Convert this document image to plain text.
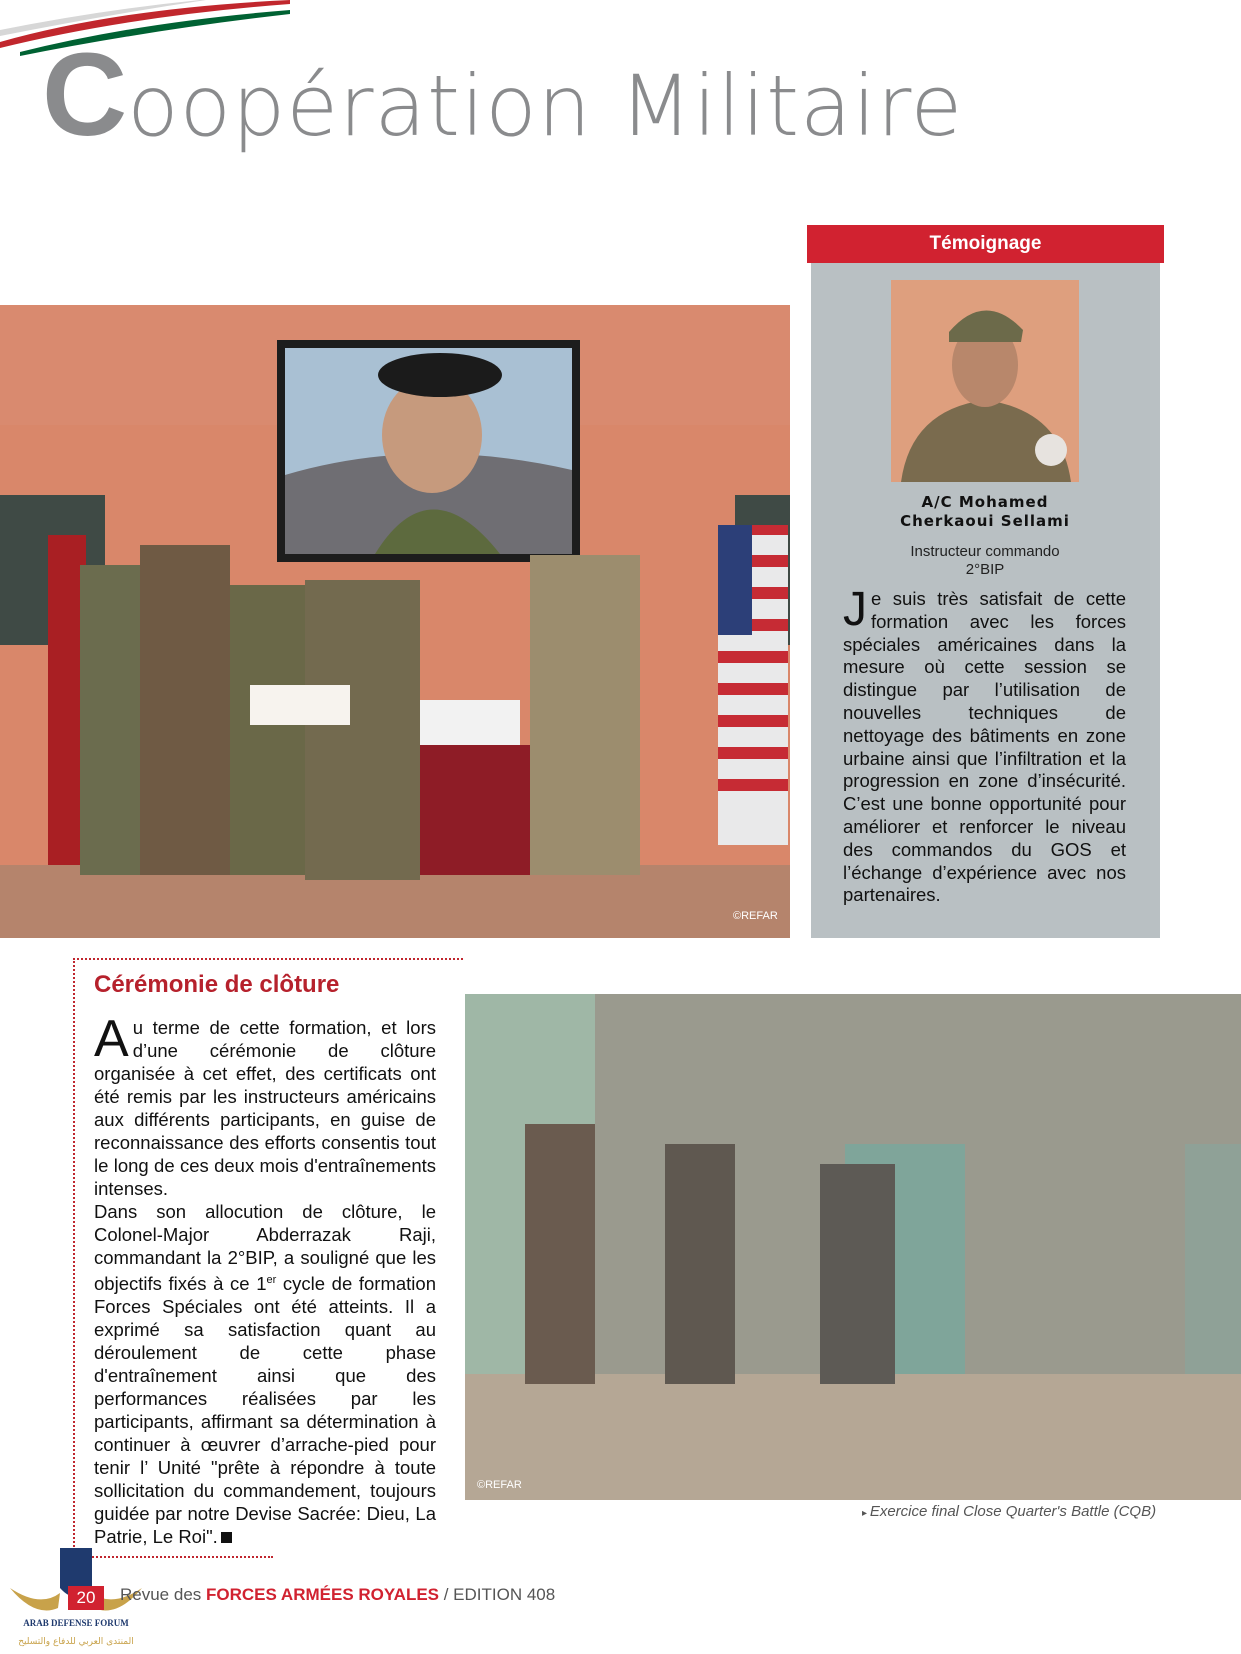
Coopération Militaire
©REFAR
Témoignage
A/C Mohamed
Cherkaoui Sellami
Instructeur commando
2°BIP
Je suis très satisfait de cette formation avec les forces spéciales américaines dans la mesure où cette session se distingue par l’utilisation de nouvelles techniques de nettoyage des bâtiments en zone urbaine ainsi que l’infiltration et la progression en zone d’insécurité. C’est une bonne opportunité pour améliorer et renforcer le niveau des commandos du GOS et l’échange d’expérience avec nos partenaires.
Cérémonie de clôture

Au terme de cette formation, et lors d’une cérémonie de clôture organisée à cet effet, des certificats ont été remis par les instructeurs américains aux différents participants, en guise de reconnaissance des efforts consentis tout le long de ces deux mois d'entraînements intenses.

Dans son allocution de clôture, le Colonel-Major Abderrazak Raji, commandant la 2°BIP, a souligné que les objectifs fixés à ce 1er cycle de formation Forces Spéciales ont été atteints. Il a exprimé sa satisfaction quant au déroulement de cette phase d'entraînement ainsi que des performances réalisées par les participants, affirmant sa détermination à continuer à œuvrer d’arrache-pied pour tenir l’ Unité "prête à répondre à toute sollicitation du commandement, toujours guidée par notre Devise Sacrée: Dieu, La Patrie, Le Roi".

©REFAR
▸ Exercice final Close Quarter's Battle (CQB)
ARAB DEFENSE FORUM
المنتدى العربي للدفاع والتسليح
20	Revue des FORCES ARMÉES ROYALES / EDITION 408
